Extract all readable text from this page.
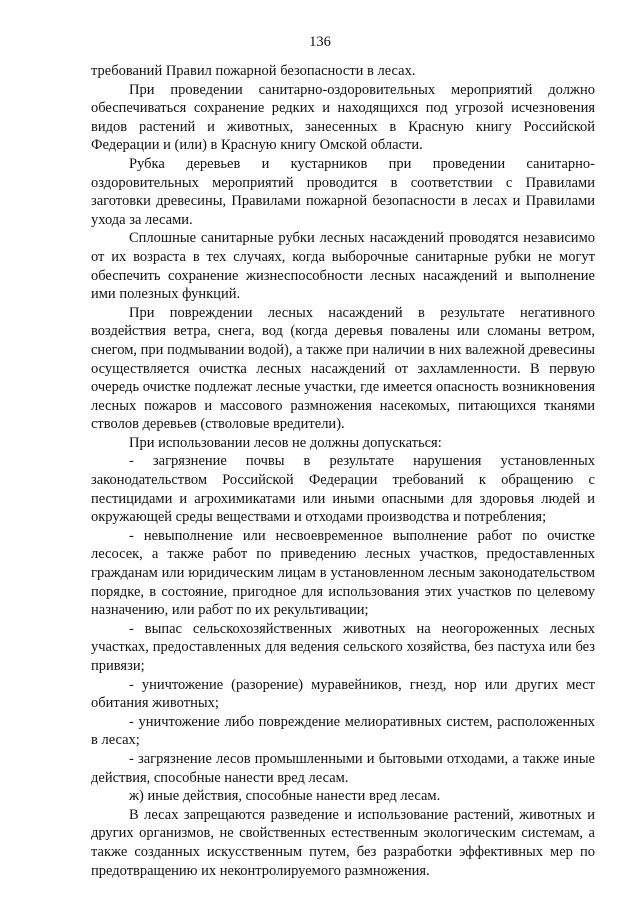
136

требований Правил пожарной безопасности в лесах.

При проведении санитарно-оздоровительных мероприятий должно обеспечиваться сохранение редких и находящихся под угрозой исчезновения видов растений и животных, занесенных в Красную книгу Российской Федерации и (или) в Красную книгу Омской области.

Рубка деревьев и кустарников при проведении санитарно-оздоровительных мероприятий проводится в соответствии с Правилами заготовки древесины, Правилами пожарной безопасности в лесах и Правилами ухода за лесами.

Сплошные санитарные рубки лесных насаждений проводятся независимо от их возраста в тех случаях, когда выборочные санитарные рубки не могут обеспечить сохранение жизнеспособности лесных насаждений и выполнение ими полезных функций.

При повреждении лесных насаждений в результате негативного воздействия ветра, снега, вод (когда деревья повалены или сломаны ветром, снегом, при подмывании водой), а также при наличии в них валежной древесины осуществляется очистка лесных насаждений от захламленности. В первую очередь очистке подлежат лесные участки, где имеется опасность возникновения лесных пожаров и массового размножения насекомых, питающихся тканями стволов деревьев (стволовые вредители).

При использовании лесов не должны допускаться:

- загрязнение почвы в результате нарушения установленных законодательством Российской Федерации требований к обращению с пестицидами и агрохимикатами или иными опасными для здоровья людей и окружающей среды веществами и отходами производства и потребления;

- невыполнение или несвоевременное выполнение работ по очистке лесосек, а также работ по приведению лесных участков, предоставленных гражданам или юридическим лицам в установленном лесным законодательством порядке, в состояние, пригодное для использования этих участков по целевому назначению, или работ по их рекультивации;

- выпас сельскохозяйственных животных на неогороженных лесных участках, предоставленных для ведения сельского хозяйства, без пастуха или без привязи;

- уничтожение (разорение) муравейников, гнезд, нор или других мест обитания животных;

- уничтожение либо повреждение мелиоративных систем, расположенных в лесах;

- загрязнение лесов промышленными и бытовыми отходами, а также иные действия, способные нанести вред лесам.

ж) иные действия, способные нанести вред лесам.

В лесах запрещаются разведение и использование растений, животных и других организмов, не свойственных естественным экологическим системам, а также созданных искусственным путем, без разработки эффективных мер по предотвращению их неконтролируемого размножения.
